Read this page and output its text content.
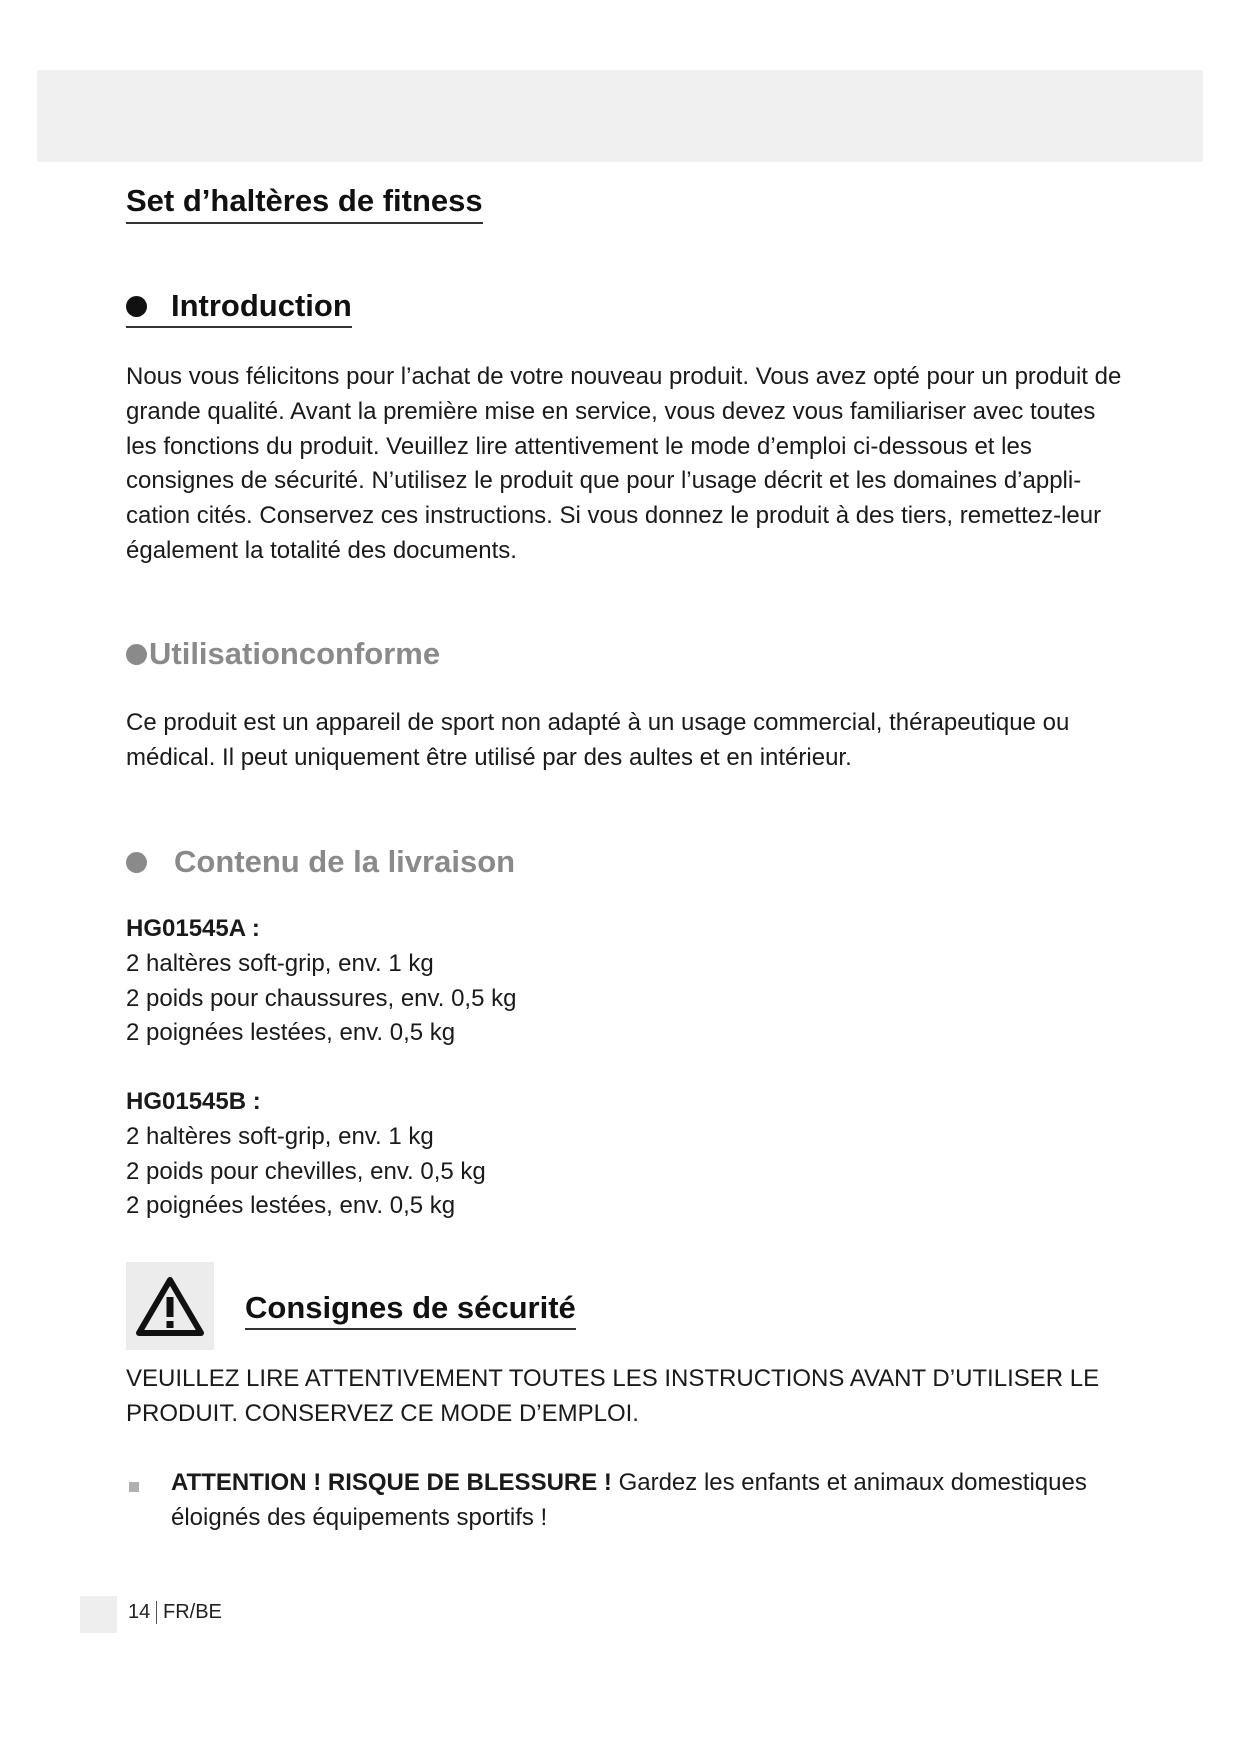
Set d’haltères de fitness
Introduction

Nous vous félicitons pour l’achat de votre nouveau produit. Vous avez opté pour un produit de grande qualité. Avant la première mise en service, vous devez vous familiariser avec toutes les fonctions du produit. Veuillez lire attentivement le mode d’emploi ci-dessous et les consignes de sécurité. N’utilisez le produit que pour l’usage décrit et les domaines d’appli-cation cités. Conservez ces instructions. Si vous donnez le produit à des tiers, remettez-leur également la totalité des documents.

Utilisationconforme

Ce produit est un appareil de sport non adapté à un usage commercial, thérapeutique ou médical. Il peut uniquement être utilisé par des aultes et en intérieur.

Contenu de la livraison
HG01545A :
2 haltères soft-grip, env. 1 kg
2 poids pour chaussures, env. 0,5 kg
2 poignées lestées, env. 0,5 kg
HG01545B :
2 haltères soft-grip, env. 1 kg
2 poids pour chevilles, env. 0,5 kg
2 poignées lestées, env. 0,5 kg
Consignes de sécurité

VEUILLEZ LIRE ATTENTIVEMENT TOUTES LES INSTRUCTIONS AVANT D’UTILISER LE PRODUIT. CONSERVEZ CE MODE D’EMPLOI.

ATTENTION ! RISQUE DE BLESSURE ! Gardez les enfants et animaux domestiques éloignés des équipements sportifs !
14 FR/BE
